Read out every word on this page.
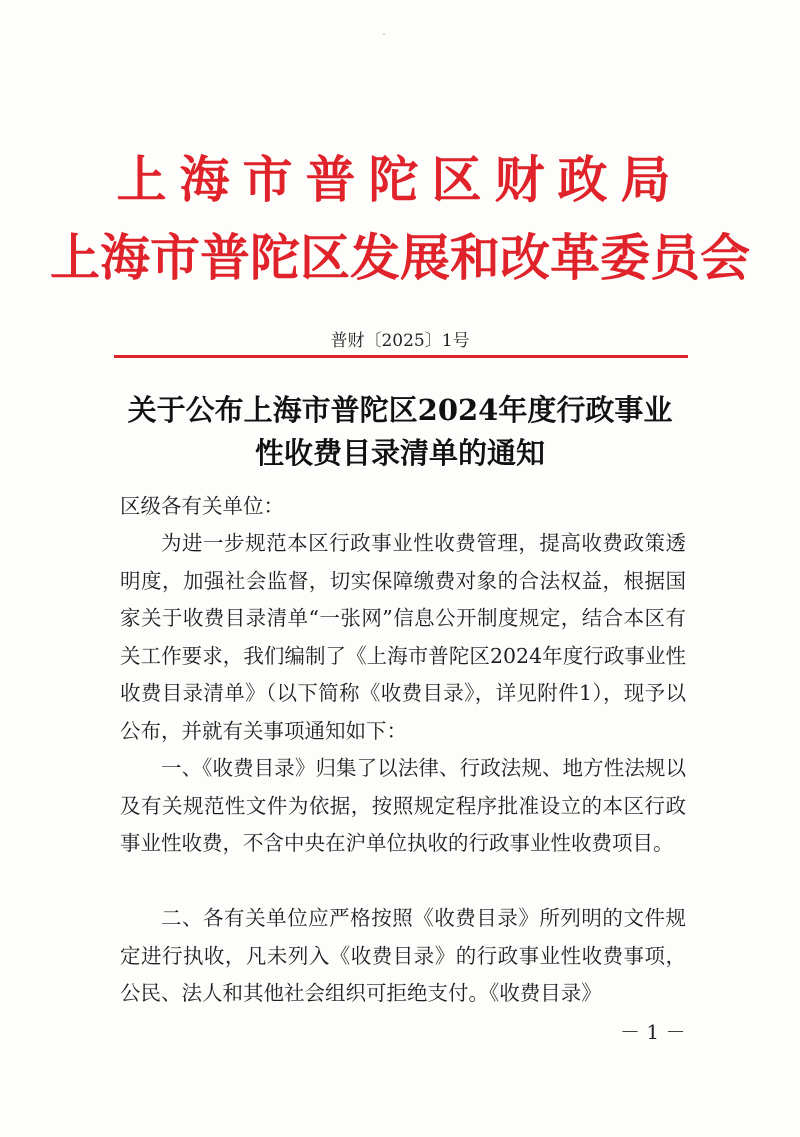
上海市普陀区财政局
上海市普陀区发展和改革委员会
普财〔2025〕1号
关于公布上海市普陀区2024年度行政事业
性收费目录清单的通知
区级各有关单位：
为进一步规范本区行政事业性收费管理，提高收费政策透明度，加强社会监督，切实保障缴费对象的合法权益，根据国家关于收费目录清单“一张网”信息公开制度规定，结合本区有关工作要求，我们编制了《上海市普陀区2024年度行政事业性收费目录清单》（以下简称《收费目录》，详见附件1），现予以公布，并就有关事项通知如下：
一、《收费目录》归集了以法律、行政法规、地方性法规以及有关规范性文件为依据，按照规定程序批准设立的本区行政事业性收费，不含中央在沪单位执收的行政事业性收费项目。
二、各有关单位应严格按照《收费目录》所列明的文件规定进行执收，凡未列入《收费目录》的行政事业性收费事项，公民、法人和其他社会组织可拒绝支付。《收费目录》
－ 1 －
